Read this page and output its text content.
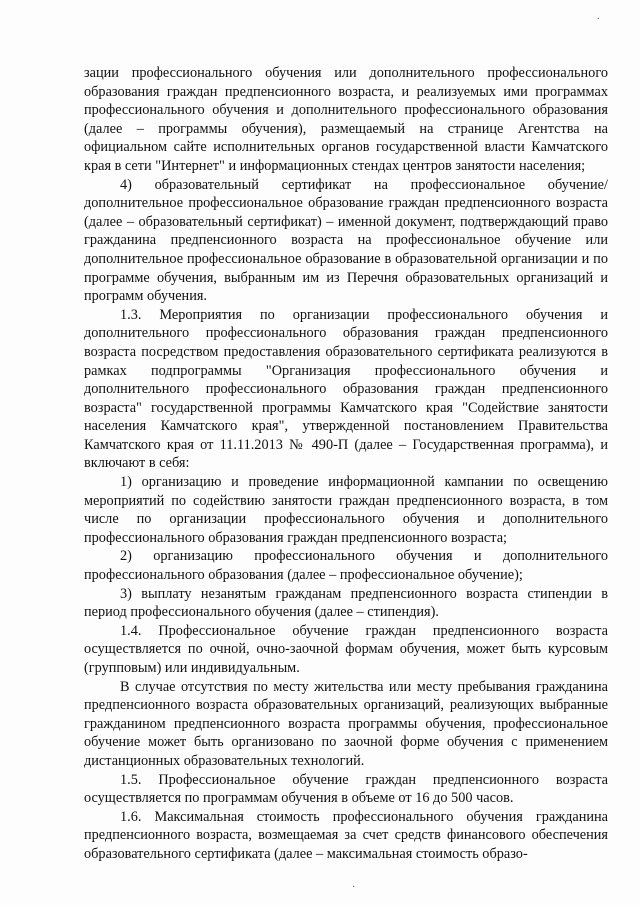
·

зации профессионального обучения или дополнительного профессионального образования граждан предпенсионного возраста, и реализуемых ими программах профессионального обучения и дополнительного профессионального образования (далее – программы обучения), размещаемый на странице Агентства на официальном сайте исполнительных органов государственной власти Камчатского края в сети "Интернет" и информационных стендах центров занятости населения;

4) образовательный сертификат на профессиональное обучение/дополнительное профессиональное образование граждан предпенсионного возраста (далее – образовательный сертификат) – именной документ, подтверждающий право гражданина предпенсионного возраста на профессиональное обучение или дополнительное профессиональное образование в образовательной организации и по программе обучения, выбранным им из Перечня образовательных организаций и программ обучения.

1.3. Мероприятия по организации профессионального обучения и дополнительного профессионального образования граждан предпенсионного возраста посредством предоставления образовательного сертификата реализуются в рамках подпрограммы "Организация профессионального обучения и дополнительного профессионального образования граждан предпенсионного возраста" государственной программы Камчатского края "Содействие занятости населения Камчатского края", утвержденной постановлением Правительства Камчатского края от 11.11.2013 № 490-П (далее – Государственная программа), и включают в себя:

1) организацию и проведение информационной кампании по освещению мероприятий по содействию занятости граждан предпенсионного возраста, в том числе по организации профессионального обучения и дополнительного профессионального образования граждан предпенсионного возраста;

2) организацию профессионального обучения и дополнительного профессионального образования (далее – профессиональное обучение);

3) выплату незанятым гражданам предпенсионного возраста стипендии в период профессионального обучения (далее – стипендия).

1.4. Профессиональное обучение граждан предпенсионного возраста осуществляется по очной, очно-заочной формам обучения, может быть курсовым (групповым) или индивидуальным.

В случае отсутствия по месту жительства или месту пребывания гражданина предпенсионного возраста образовательных организаций, реализующих выбранные гражданином предпенсионного возраста программы обучения, профессиональное обучение может быть организовано по заочной форме обучения с применением дистанционных образовательных технологий.

1.5. Профессиональное обучение граждан предпенсионного возраста осуществляется по программам обучения в объеме от 16 до 500 часов.

1.6. Максимальная стоимость профессионального обучения гражданина предпенсионного возраста, возмещаемая за счет средств финансового обеспечения образовательного сертификата (далее – максимальная стоимость образо-

·
